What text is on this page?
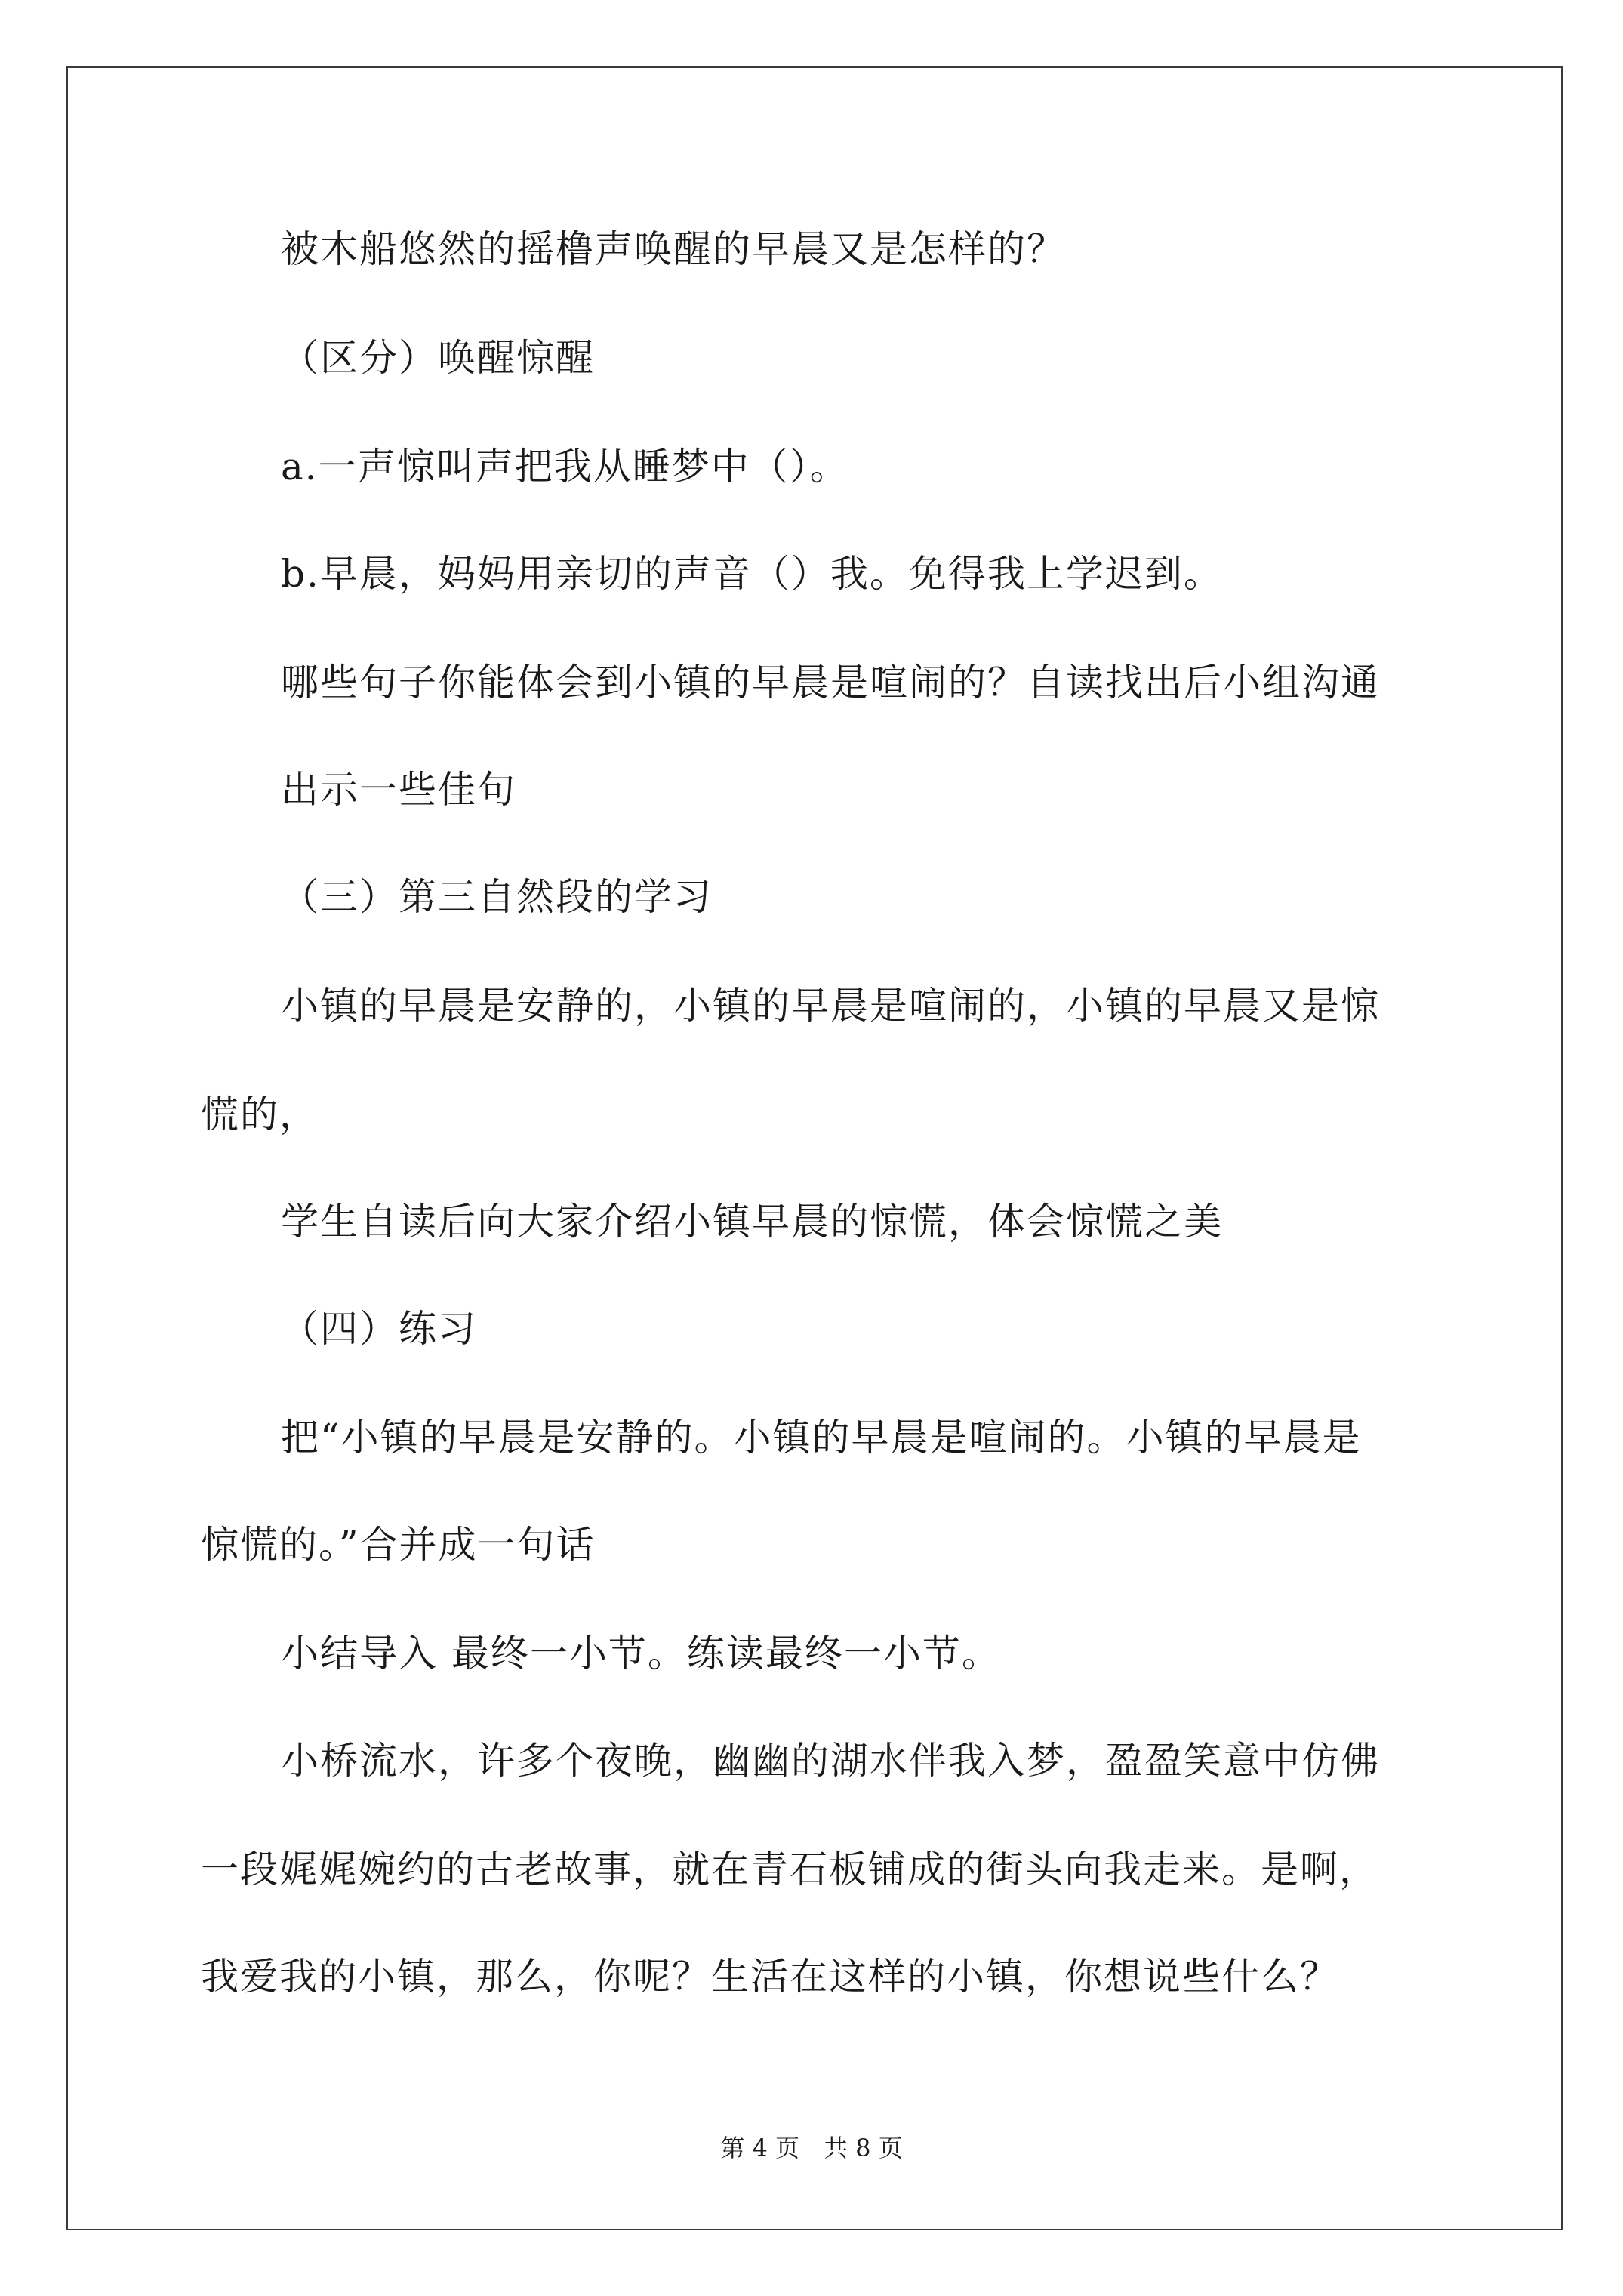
被木船悠然的摇橹声唤醒的早晨又是怎样的？
（区分）唤醒惊醒
a.一声惊叫声把我从睡梦中（）。
b.早晨，妈妈用亲切的声音（）我。免得我上学迟到。
哪些句子你能体会到小镇的早晨是喧闹的？自读找出后小组沟通
出示一些佳句
（三）第三自然段的学习
小镇的早晨是安静的，小镇的早晨是喧闹的，小镇的早晨又是惊
慌的，
学生自读后向大家介绍小镇早晨的惊慌，体会惊慌之美
（四）练习
把“小镇的早晨是安静的。小镇的早晨是喧闹的。小镇的早晨是
惊慌的。”合并成一句话
小结导入 最终一小节。练读最终一小节。
小桥流水，许多个夜晚，幽幽的湖水伴我入梦，盈盈笑意中仿佛
一段娓娓婉约的古老故事，就在青石板铺成的街头向我走来。是啊，
我爱我的小镇，那么，你呢？生活在这样的小镇，你想说些什么？
第 4 页　共 8 页
